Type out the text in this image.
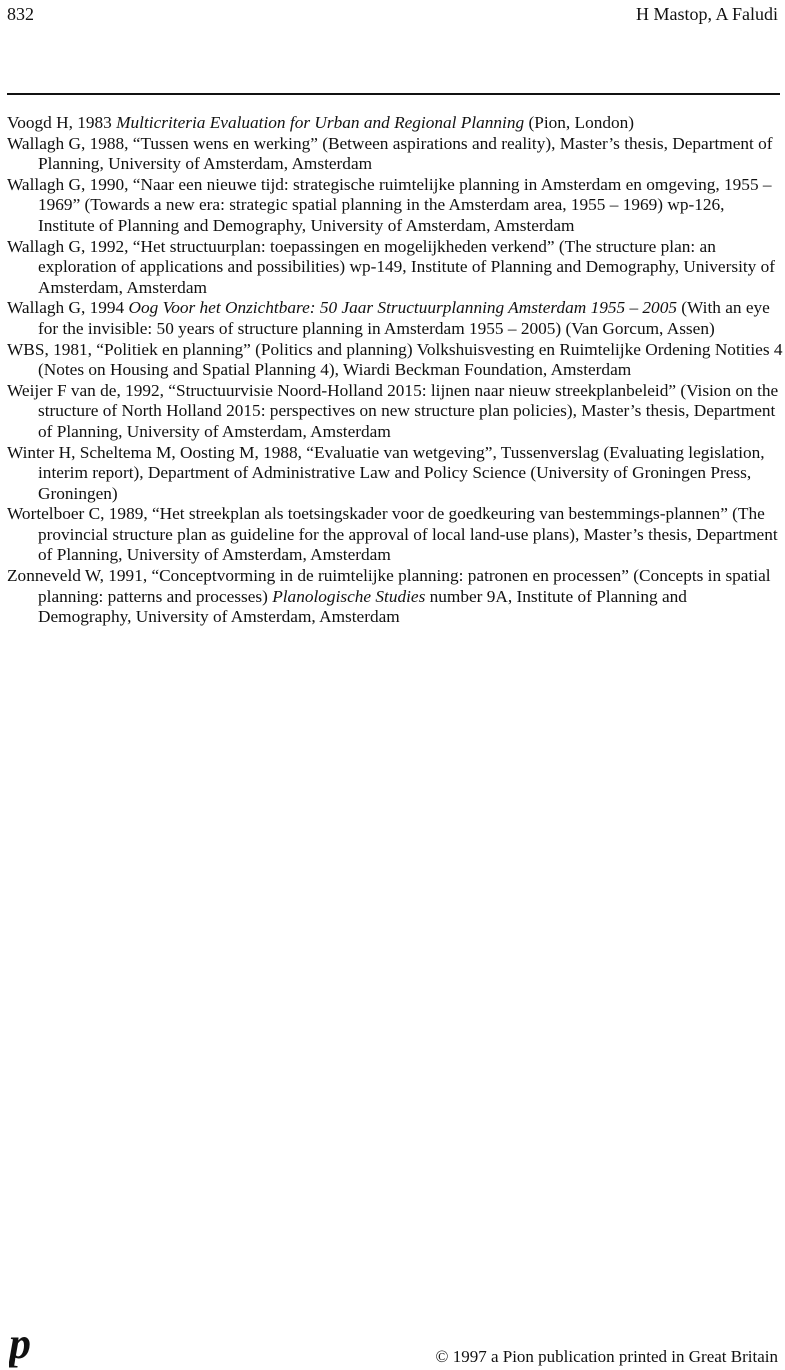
832	H Mastop, A Faludi

Voogd H, 1983 Multicriteria Evaluation for Urban and Regional Planning (Pion, London)

Wallagh G, 1988, “Tussen wens en werking” (Between aspirations and reality), Master’s thesis, Department of Planning, University of Amsterdam, Amsterdam

Wallagh G, 1990, “Naar een nieuwe tijd: strategische ruimtelijke planning in Amsterdam en omgeving, 1955 – 1969” (Towards a new era: strategic spatial planning in the Amsterdam area, 1955 – 1969) wp-126, Institute of Planning and Demography, University of Amsterdam, Amsterdam

Wallagh G, 1992, “Het structuurplan: toepassingen en mogelijkheden verkend” (The structure plan: an exploration of applications and possibilities) wp-149, Institute of Planning and Demography, University of Amsterdam, Amsterdam

Wallagh G, 1994 Oog Voor het Onzichtbare: 50 Jaar Structuurplanning Amsterdam 1955 – 2005 (With an eye for the invisible: 50 years of structure planning in Amsterdam 1955 – 2005) (Van Gorcum, Assen)

WBS, 1981, “Politiek en planning” (Politics and planning) Volkshuisvesting en Ruimtelijke Ordening Notities 4 (Notes on Housing and Spatial Planning 4), Wiardi Beckman Foundation, Amsterdam

Weijer F van de, 1992, “Structuurvisie Noord-Holland 2015: lijnen naar nieuw streekplanbeleid” (Vision on the structure of North Holland 2015: perspectives on new structure plan policies), Master’s thesis, Department of Planning, University of Amsterdam, Amsterdam

Winter H, Scheltema M, Oosting M, 1988, “Evaluatie van wetgeving”, Tussenverslag (Evaluating legislation, interim report), Department of Administrative Law and Policy Science (University of Groningen Press, Groningen)

Wortelboer C, 1989, “Het streekplan als toetsingskader voor de goedkeuring van bestemmings-plannen” (The provincial structure plan as guideline for the approval of local land-use plans), Master’s thesis, Department of Planning, University of Amsterdam, Amsterdam

Zonneveld W, 1991, “Conceptvorming in de ruimtelijke planning: patronen en processen” (Concepts in spatial planning: patterns and processes) Planologische Studies number 9A, Institute of Planning and Demography, University of Amsterdam, Amsterdam

p	© 1997 a Pion publication printed in Great Britain
